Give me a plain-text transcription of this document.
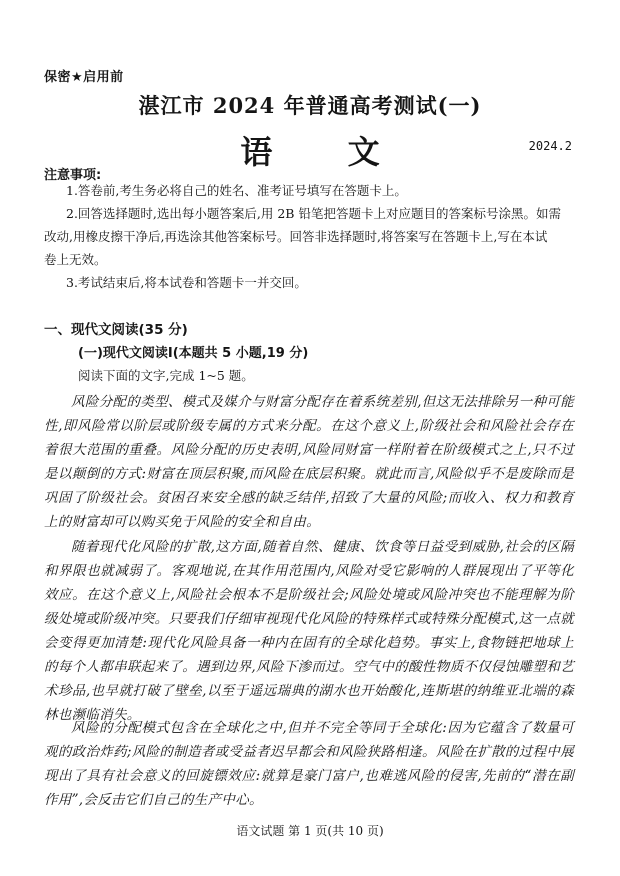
保密★启用前
湛江市 2024 年普通高考测试(一)
语 文	2024.2
注意事项:
1.答卷前,考生务必将自己的姓名、准考证号填写在答题卡上。
2.回答选择题时,选出每小题答案后,用 2B 铅笔把答题卡上对应题目的答案标号涂黑。如需
改动,用橡皮擦干净后,再选涂其他答案标号。回答非选择题时,将答案写在答题卡上,写在本试
卷上无效。
3.考试结束后,将本试卷和答题卡一并交回。
一、现代文阅读(35 分)
(一)现代文阅读Ⅰ(本题共 5 小题,19 分)
阅读下面的文字,完成 1~5 题。
风险分配的类型、模式及媒介与财富分配存在着系统差别,但这无法排除另一种可能性,即风险常以阶层或阶级专属的方式来分配。在这个意义上,阶级社会和风险社会存在着很大范围的重叠。风险分配的历史表明,风险同财富一样附着在阶级模式之上,只不过是以颠倒的方式:财富在顶层积聚,而风险在底层积聚。就此而言,风险似乎不是废除而是巩固了阶级社会。贫困召来安全感的缺乏结伴,招致了大量的风险;而收入、权力和教育上的财富却可以购买免于风险的安全和自由。
随着现代化风险的扩散,这方面,随着自然、健康、饮食等日益受到威胁,社会的区隔和界限也就减弱了。客观地说,在其作用范围内,风险对受它影响的人群展现出了平等化效应。在这个意义上,风险社会根本不是阶级社会;风险处境或风险冲突也不能理解为阶级处境或阶级冲突。只要我们仔细审视现代化风险的特殊样式或特殊分配模式,这一点就会变得更加清楚:现代化风险具备一种内在固有的全球化趋势。事实上,食物链把地球上的每个人都串联起来了。遇到边界,风险下渗而过。空气中的酸性物质不仅侵蚀雕塑和艺术珍品,也早就打破了壁垒,以至于遥远瑞典的湖水也开始酸化,连斯堪的纳维亚北端的森林也濒临消失。
风险的分配模式包含在全球化之中,但并不完全等同于全球化:因为它蕴含了数量可观的政治炸药;风险的制造者或受益者迟早都会和风险狭路相逢。风险在扩散的过程中展现出了具有社会意义的回旋镖效应:就算是豪门富户,也难逃风险的侵害,先前的“潜在副作用”,会反击它们自己的生产中心。
语文试题 第 1 页(共 10 页)
